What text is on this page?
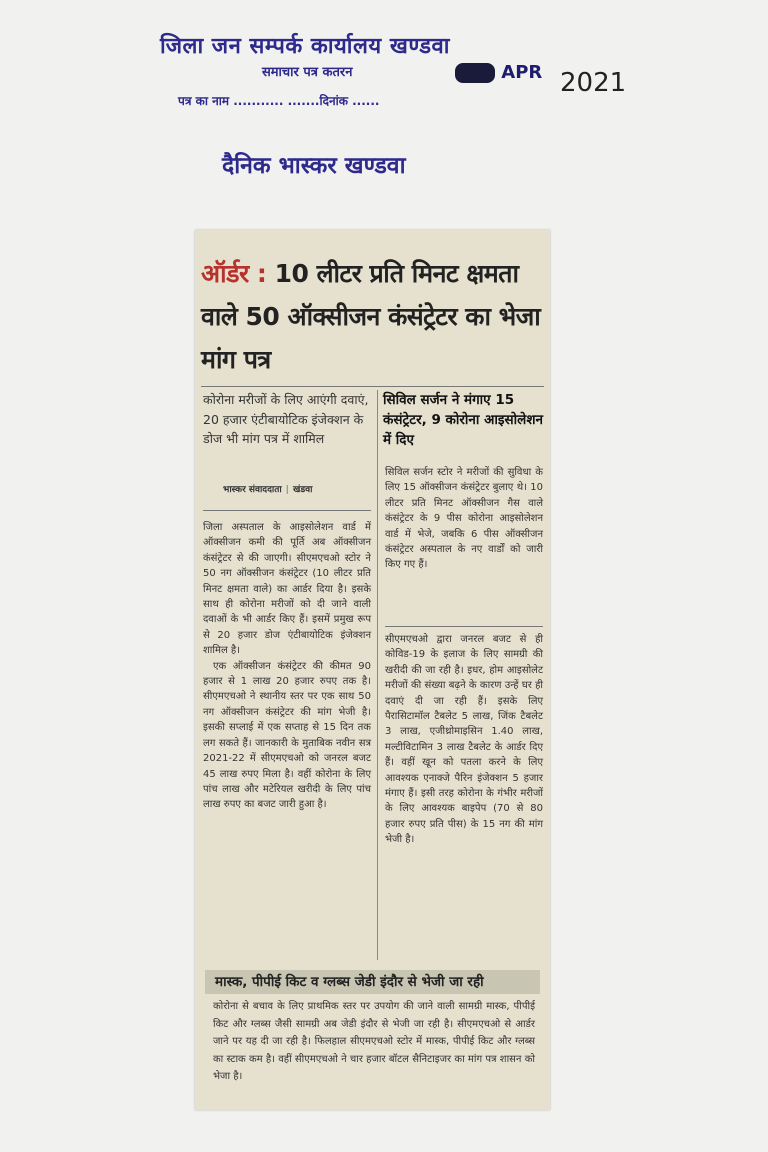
जिला जन सम्पर्क कार्यालय खण्डवा
समाचार पत्र कतरन
पत्र का नाम ........... .......दिनांक ......
APR 2021
दैनिक भास्कर खण्डवा
ऑर्डर : 10 लीटर प्रति मिनट क्षमता वाले 50 ऑक्सीजन कंसंट्रेटर का भेजा मांग पत्र
कोरोना मरीजों के लिए आएंगी दवाएं, 20 हजार एंटीबायोटिक इंजेक्शन के डोज भी मांग पत्र में शामिल
भास्कर संवाददाता | खंडवा

जिला अस्पताल के आइसोलेशन वार्ड में ऑक्सीजन कमी की पूर्ति अब ऑक्सीजन कंसंट्रेटर से की जाएगी। सीएमएचओ स्टोर ने 50 नग ऑक्सीजन कंसंट्रेटर (10 लीटर प्रति मिनट क्षमता वाले) का आर्डर दिया है। इसके साथ ही कोरोना मरीजों को दी जाने वाली दवाओं के भी आर्डर किए हैं। इसमें प्रमुख रूप से 20 हजार डोज एंटीबायोटिक इंजेक्शन शामिल है।

एक ऑक्सीजन कंसंट्रेटर की कीमत 90 हजार से 1 लाख 20 हजार रुपए तक है। सीएमएचओ ने स्थानीय स्तर पर एक साथ 50 नग ऑक्सीजन कंसंट्रेटर की मांग भेजी है। इसकी सप्लाई में एक सप्ताह से 15 दिन तक लग सकते हैं। जानकारी के मुताबिक नवीन सत्र 2021-22 में सीएमएचओ को जनरल बजट 45 लाख रुपए मिला है। वहीं कोरोना के लिए पांच लाख और मटेरियल खरीदी के लिए पांच लाख रुपए का बजट जारी हुआ है।

सिविल सर्जन ने मंगाए 15 कंसंट्रेटर, 9 कोरोना आइसोलेशन में दिए

सिविल सर्जन स्टोर ने मरीजों की सुविधा के लिए 15 ऑक्सीजन कंसंट्रेटर बुलाए थे। 10 लीटर प्रति मिनट ऑक्सीजन गैस वाले कंसंट्रेटर के 9 पीस कोरोना आइसोलेशन वार्ड में भेजे, जबकि 6 पीस ऑक्सीजन कंसंट्रेटर अस्पताल के नए वार्डों को जारी किए गए हैं।

सीएमएचओ द्वारा जनरल बजट से ही कोविड-19 के इलाज के लिए सामग्री की खरीदी की जा रही है। इधर, होम आइसोलेट मरीजों की संख्या बढ़ने के कारण उन्हें घर ही दवाएं दी जा रही हैं। इसके लिए पैरासिटामॉल टैबलेट 5 लाख, जिंक टैबलेट 3 लाख, एजीथ्रोमाइसिन 1.40 लाख, मल्टीविटामिन 3 लाख टैबलेट के आर्डर दिए हैं। वहीं खून को पतला करने के लिए आवश्यक एनाक्जे पैरिन इंजेक्शन 5 हजार मंगाए हैं। इसी तरह कोरोना के गंभीर मरीजों के लिए आवश्यक बाइपेप (70 से 80 हजार रुपए प्रति पीस) के 15 नग की मांग भेजी है।

मास्क, पीपीई किट व ग्लब्स जेडी इंदौर से भेजी जा रही
कोरोना से बचाव के लिए प्राथमिक स्तर पर उपयोग की जाने वाली सामग्री मास्क, पीपीई किट और ग्लब्स जैसी सामग्री अब जेडी इंदौर से भेजी जा रही है। सीएमएचओ से आर्डर जाने पर यह दी जा रही है। फिलहाल सीएमएचओ स्टोर में मास्क, पीपीई किट और ग्लब्स का स्टाक कम है। वहीं सीएमएचओ ने चार हजार बॉटल सैनिटाइजर का मांग पत्र शासन को भेजा है।
